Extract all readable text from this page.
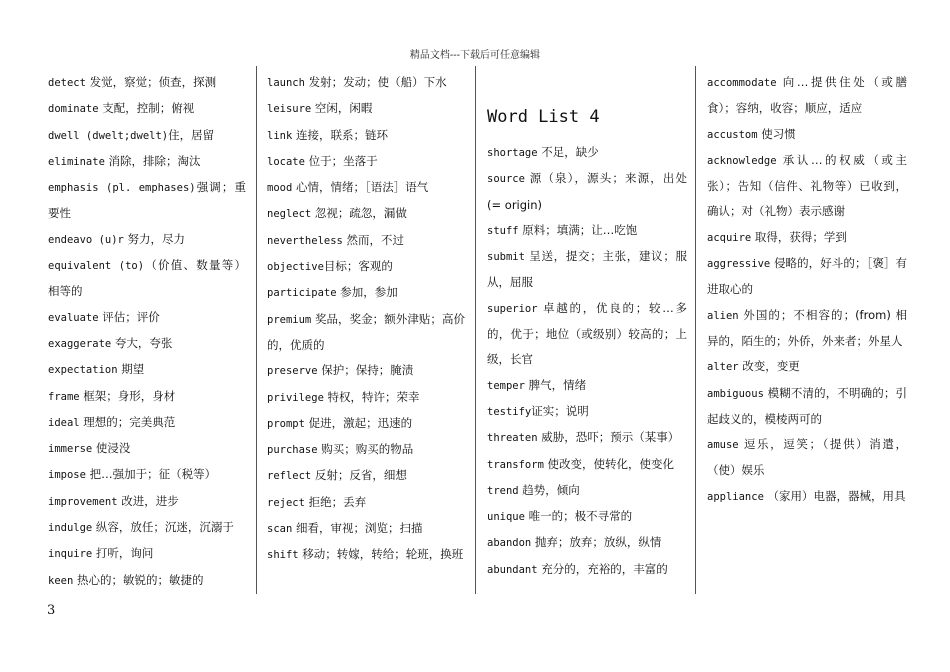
精品文档---下载后可任意编辑

detect 发觉，察觉；侦查，探测

dominate 支配，控制；俯视

dwell (dwelt;dwelt)住，居留

eliminate 消除，排除；淘汰

emphasis (pl. emphases)强调；重要性

endeavo (u)r 努力，尽力

equivalent (to)（价值、数量等）相等的

evaluate 评估；评价

exaggerate 夸大，夸张

expectation 期望

frame 框架；身形，身材

ideal 理想的；完美典范

immerse 使浸没

impose 把…强加于；征（税等）

improvement 改进，进步

indulge 纵容，放任；沉迷，沉溺于

inquire 打听，询问

keen 热心的；敏锐的；敏捷的

launch 发射；发动；使（船）下水

leisure 空闲，闲暇

link 连接，联系；链环

locate 位于；坐落于

mood 心情，情绪；［语法］语气

neglect 忽视；疏忽，漏做

nevertheless 然而，不过

objective目标；客观的

participate 参加，参加

premium 奖品，奖金；额外津贴；高价的，优质的

preserve 保护；保持；腌渍

privilege 特权，特许；荣幸

prompt 促进，激起；迅速的

purchase 购买；购买的物品

reflect 反射；反省，细想

reject 拒绝；丢弃

scan 细看，审视；浏览；扫描

shift 移动；转嫁，转给；轮班，换班

Word List 4

shortage 不足，缺少

source 源（泉），源头；来源，出处 (= origin)

stuff 原料；填满；让…吃饱

submit 呈送，提交；主张，建议；服从，屈服

superior 卓越的，优良的；较…多的，优于；地位（或级别）较高的；上级，长官

temper 脾气，情绪

testify证实；说明

threaten 威胁，恐吓；预示（某事）

transform 使改变，使转化，使变化

trend 趋势，倾向

unique 唯一的；极不寻常的

abandon 抛弃；放弃；放纵，纵情

abundant 充分的，充裕的，丰富的

accommodate 向…提供住处（或膳食）；容纳，收容；顺应，适应

accustom 使习惯

acknowledge 承认…的权威（或主张）；告知（信件、礼物等）已收到，确认；对（礼物）表示感谢

acquire 取得，获得；学到

aggressive 侵略的，好斗的；［褒］有进取心的

alien 外国的；不相容的；(from) 相异的，陌生的；外侨，外来者；外星人

alter 改变，变更

ambiguous 模糊不清的，不明确的；引起歧义的，模棱两可的

amuse 逗乐，逗笑；（提供）消遣，（使）娱乐

appliance （家用）电器，器械，用具

3
